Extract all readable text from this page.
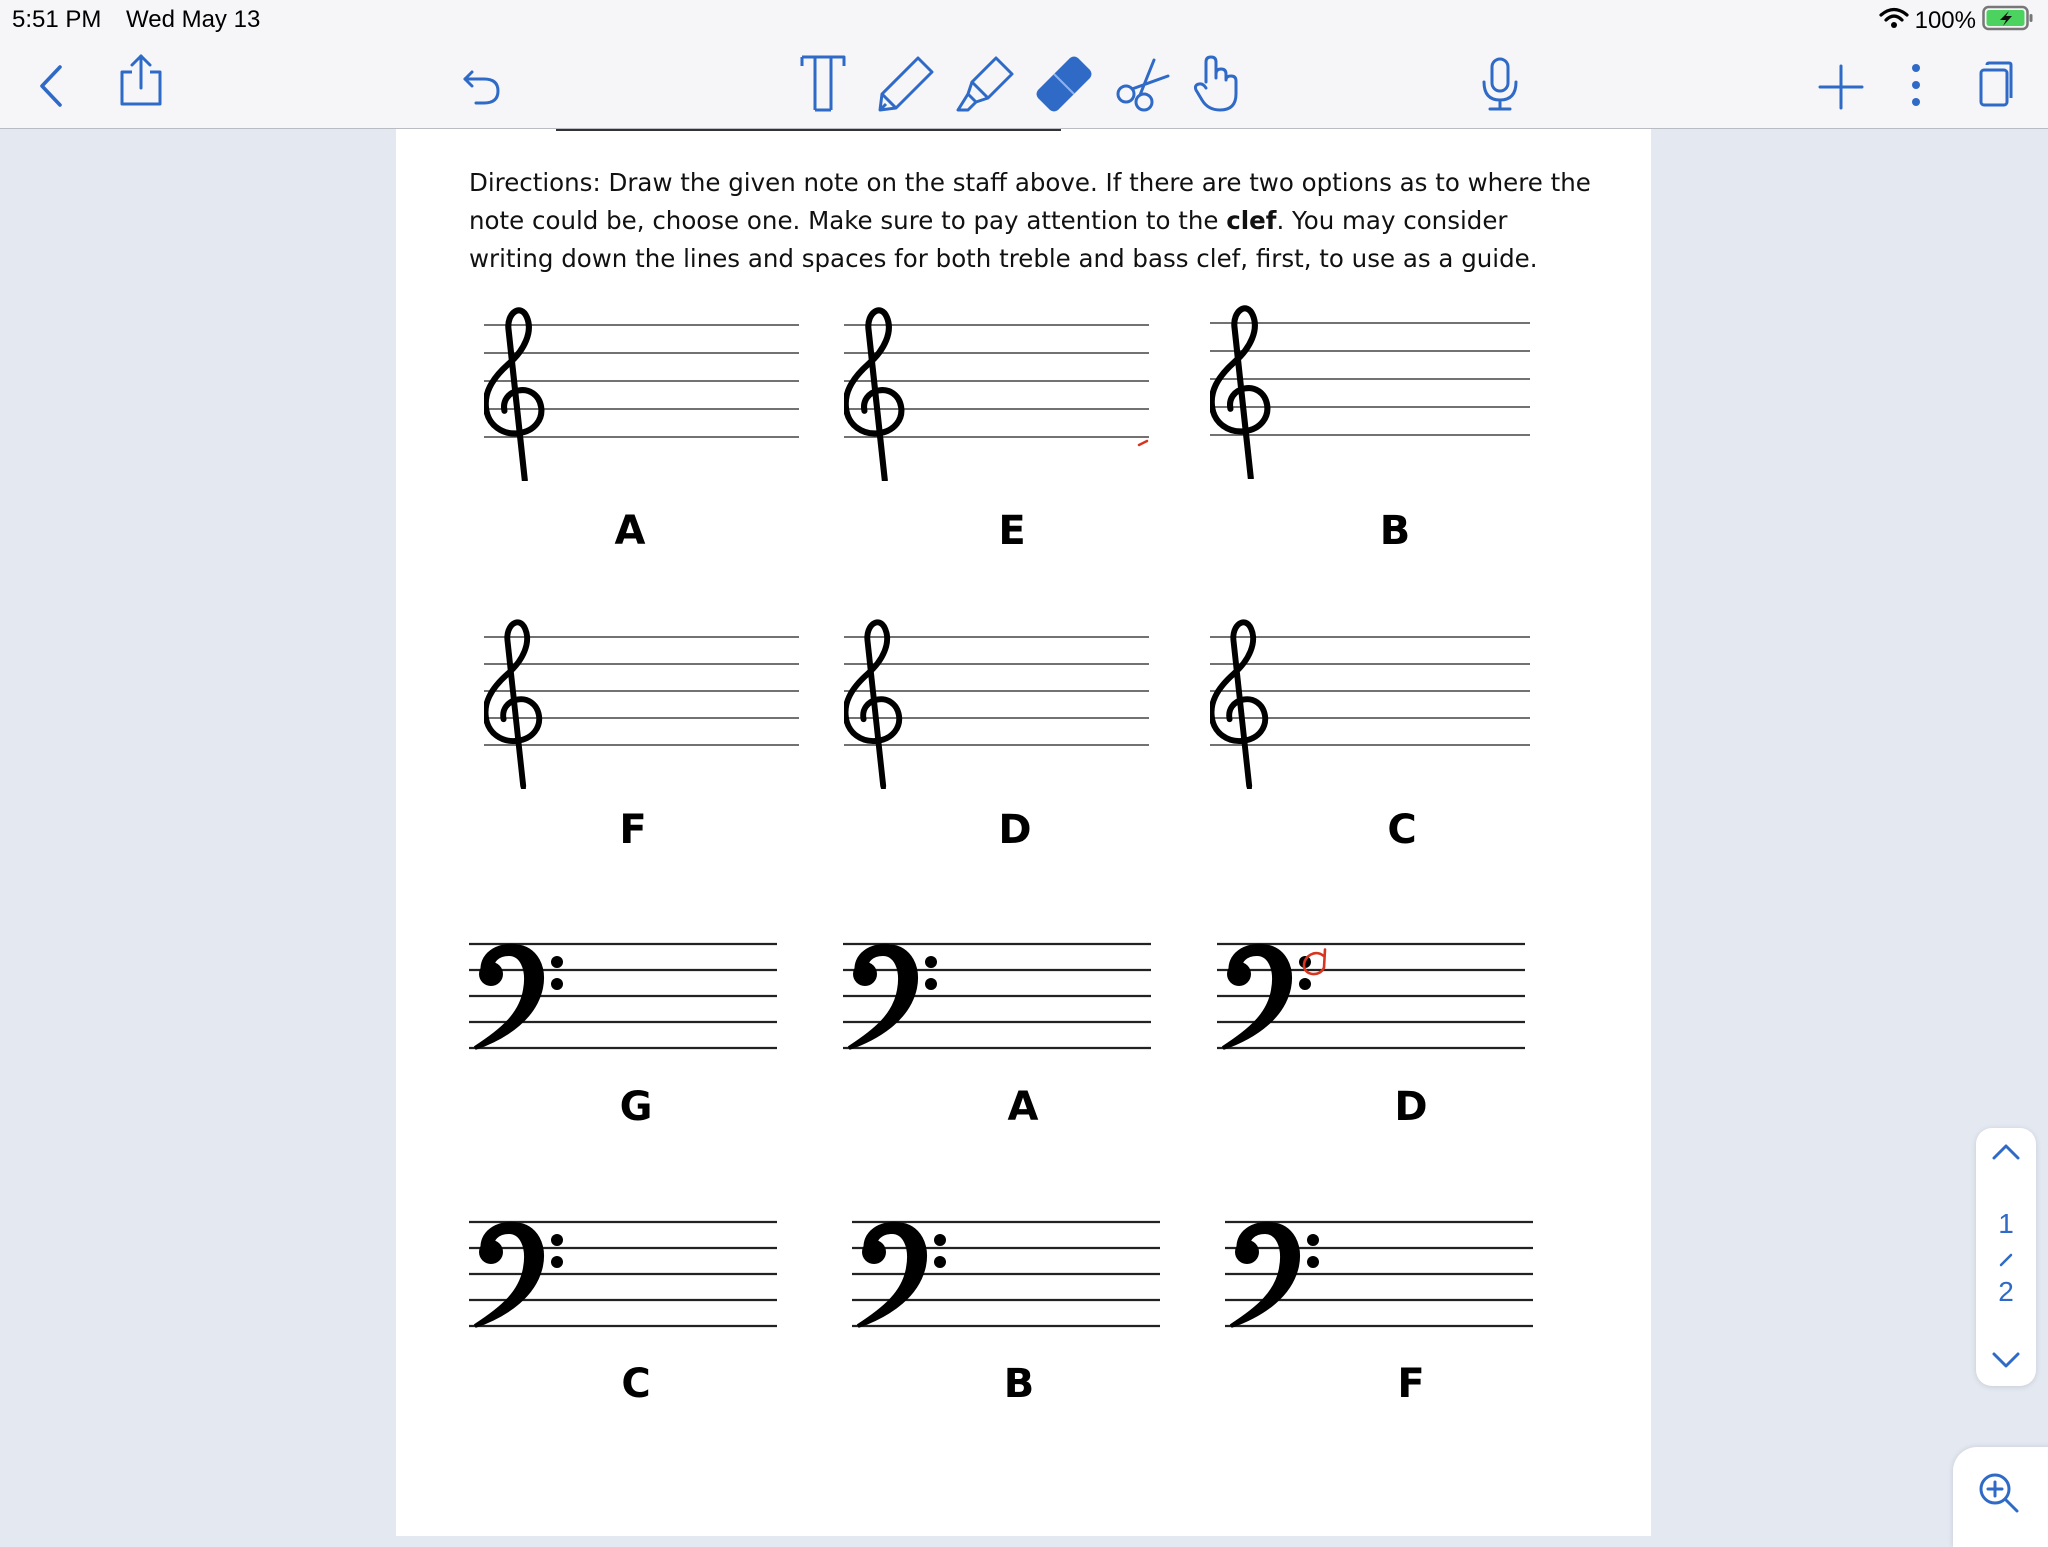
5:51 PM Wed May 13	100%
Directions: Draw the given note on the staff above. If there are two options as to where the note could be, choose one. Make sure to pay attention to the clef. You may consider writing down the lines and spaces for both treble and bass clef, first, to use as a guide.
A	E	B
F	D	C
G	A	D
C	B	F
1
2
